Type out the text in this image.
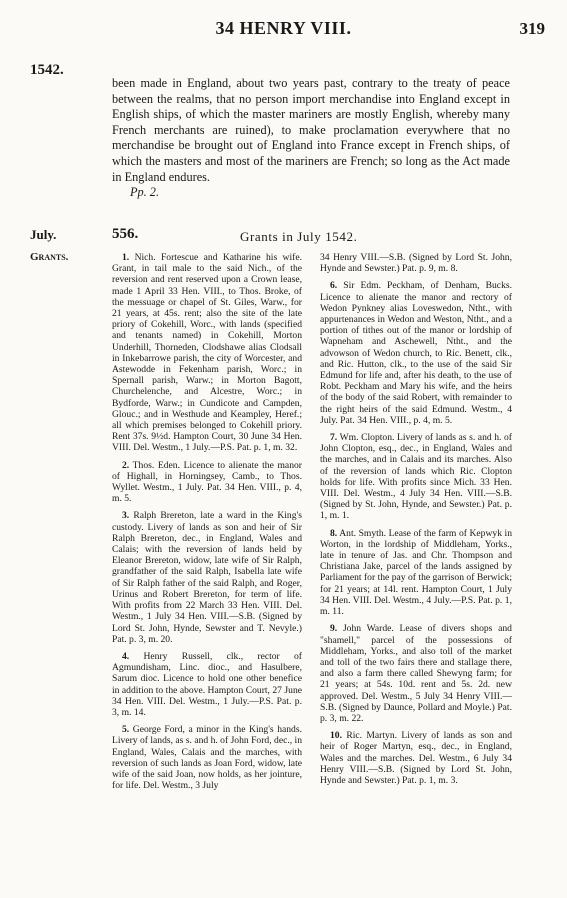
34 HENRY VIII.	319
1542.
been made in England, about two years past, contrary to the treaty of peace between the realms, that no person import merchandise into England except in English ships, of which the master mariners are mostly English, whereby many French merchants are ruined), to make proclamation everywhere that no merchandise be brought out of England into France except in French ships, of which the masters and most of the mariners are French; so long as the Act made in England endures.
Pp. 2.
July.
Grants.
556.	Grants in July 1542.

1. Nich. Fortescue and Katharine his wife. Grant, in tail male to the said Nich., of the reversion and rent reserved upon a Crown lease, made 1 April 33 Hen. VIII., to Thos. Broke, of the messuage or chapel of St. Giles, Warw., for 21 years, at 45s. rent; also the site of the late priory of Cokehill, Worc., with lands (specified and tenants named) in Cokehill, Morton Underhill, Thorneden, Clodshawe alias Clodsall in Inkebarrowe parish, the city of Worcester, and Astewodde in Fekenham parish, Worc.; in Spernall parish, Warw.; in Morton Bagott, Churchelenche, and Alcestre, Worc.; in Bydforde, Warw.; in Cundicote and Campden, Glouc.; and in Westhude and Keampley, Heref.; all which premises belonged to Cokehill priory. Rent 37s. 9½d. Hampton Court, 30 June 34 Hen. VIII. Del. Westm., 1 July.—P.S. Pat. p. 1, m. 32.

2. Thos. Eden. Licence to alienate the manor of Highall, in Horningsey, Camb., to Thos. Wyllet. Westm., 1 July. Pat. 34 Hen. VIII., p. 4, m. 5.

3. Ralph Brereton, late a ward in the King's custody. Livery of lands as son and heir of Sir Ralph Brereton, dec., in England, Wales and Calais; with the reversion of lands held by Eleanor Brereton, widow, late wife of Sir Ralph, grandfather of the said Ralph, Isabella late wife of Sir Ralph father of the said Ralph, and Roger, Urinus and Robert Brereton, for term of life. With profits from 22 March 33 Hen. VIII. Del. Westm., 1 July 34 Hen. VIII.—S.B. (Signed by Lord St. John, Hynde, Sewster and T. Nevyle.) Pat. p. 3, m. 20.

4. Henry Russell, clk., rector of Agmundisham, Linc. dioc., and Hasulbere, Sarum dioc. Licence to hold one other benefice in addition to the above. Hampton Court, 27 June 34 Hen. VIII. Del. Westm., 1 July.—P.S. Pat. p. 3, m. 14.

5. George Ford, a minor in the King's hands. Livery of lands, as s. and h. of John Ford, dec., in England, Wales, Calais and the marches, with reversion of such lands as Joan Ford, widow, late wife of the said Joan, now holds, as her jointure, for life. Del. Westm., 3 July

34 Henry VIII.—S.B. (Signed by Lord St. John, Hynde and Sewster.) Pat. p. 9, m. 8.

6. Sir Edm. Peckham, of Denham, Bucks. Licence to alienate the manor and rectory of Wedon Pynkney alias Loveswedon, Ntht., with appurtenances in Wedon and Weston, Ntht., and a portion of tithes out of the manor or lordship of Wapneham and Aschewell, Ntht., and the advowson of Wedon church, to Ric. Benett, clk., and Ric. Hutton, clk., to the use of the said Sir Edmund for life and, after his death, to the use of Robt. Peckham and Mary his wife, and the heirs of the body of the said Robert, with remainder to the right heirs of the said Edmund. Westm., 4 July. Pat. 34 Hen. VIII., p. 4, m. 5.

7. Wm. Clopton. Livery of lands as s. and h. of John Clopton, esq., dec., in England, Wales and the marches, and in Calais and its marches. Also of the reversion of lands which Ric. Clopton holds for life. With profits since Mich. 33 Hen. VIII. Del. Westm., 4 July 34 Hen. VIII.—S.B. (Signed by St. John, Hynde, and Sewster.) Pat. p. 1, m. 1.

8. Ant. Smyth. Lease of the farm of Kepwyk in Worton, in the lordship of Middleham, Yorks., late in tenure of Jas. and Chr. Thompson and Christiana Jake, parcel of the lands assigned by Parliament for the pay of the garrison of Berwick; for 21 years; at 14l. rent. Hampton Court, 1 July 34 Hen. VIII. Del. Westm., 4 July.—P.S. Pat. p. 1, m. 11.

9. John Warde. Lease of divers shops and "shamell," parcel of the possessions of Middleham, Yorks., and also toll of the market and toll of the two fairs there and stallage there, and also a farm there called Shewyng farm; for 21 years; at 54s. 10d. rent and 5s. 2d. new approved. Del. Westm., 5 July 34 Henry VIII.—S.B. (Signed by Daunce, Pollard and Moyle.) Pat. p. 3, m. 22.

10. Ric. Martyn. Livery of lands as son and heir of Roger Martyn, esq., dec., in England, Wales and the marches. Del. Westm., 6 July 34 Henry VIII.—S.B. (Signed by Lord St. John, Hynde and Sewster.) Pat. p. 1, m. 3.
